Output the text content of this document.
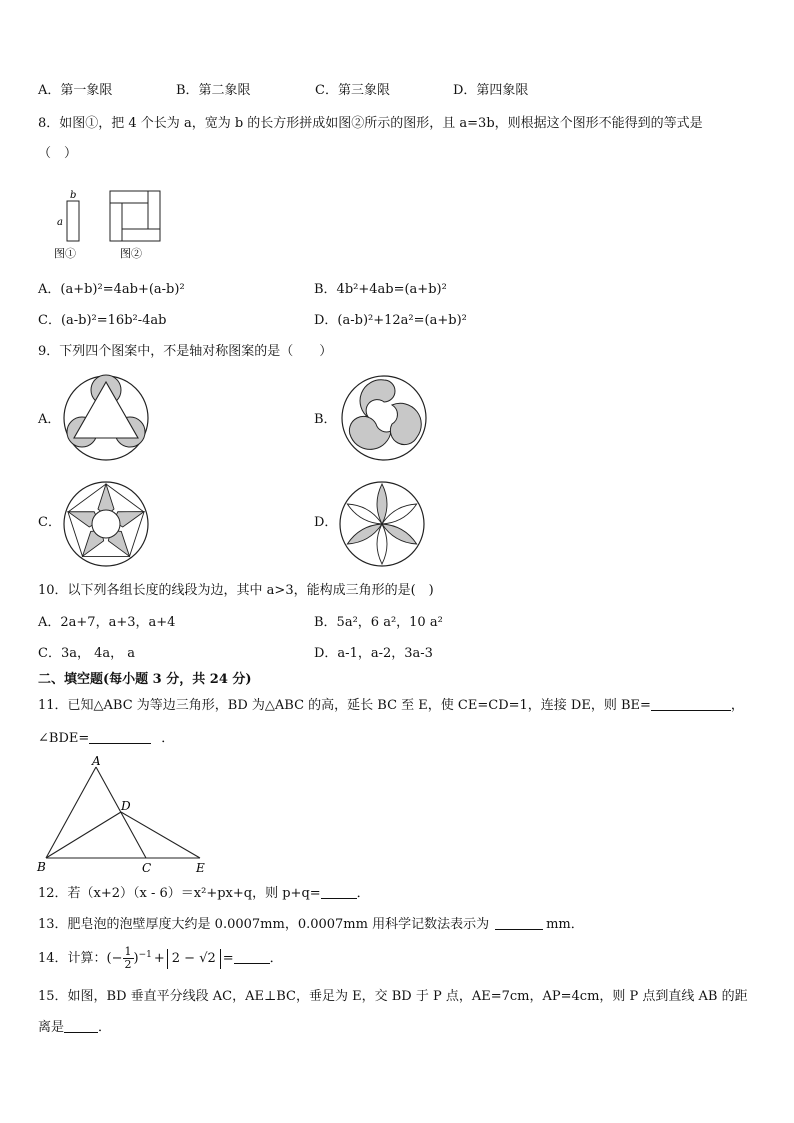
A．第一象限	B．第二象限	C．第三象限	D．第四象限
8．如图①，把 4 个长为 a，宽为 b 的长方形拼成如图②所示的图形，且 a=3b，则根据这个图形不能得到的等式是
（　）
b
a
图①	图②
A．(a+b)²=4ab+(a-b)²	B．4b²+4ab=(a+b)²
C．(a-b)²=16b²-4ab	D．(a-b)²+12a²=(a+b)²
9．下列四个图案中，不是轴对称图案的是（　　）
A．	B．
C．	D．
10．以下列各组长度的线段为边，其中 a>3，能构成三角形的是(　)
A．2a+7，a+3，a+4	B．5a²，6 a²，10 a²
C．3a， 4a， a	D．a-1，a-2，3a-3
二、填空题(每小题 3 分，共 24 分)
11．已知△ABC 为等边三角形，BD 为△ABC 的高，延长 BC 至 E，使 CE=CD=1，连接 DE，则 BE=	，
∠BDE=	．
A
B	C
D
E
12．若（x+2）（x - 6）＝x²+px+q，则 p+q=	．
13．肥皂泡的泡壁厚度大约是 0.0007mm，0.0007mm 用科学记数法表示为	mm．
14．计算：(− $\frac{1}{2} )^{-1} + 2 - √2$ =	．
15．如图，BD 垂直平分线段 AC，AE⊥BC，垂足为 E，交 BD 于 P 点，AE=7cm，AP=4cm，则 P 点到直线 AB 的距
离是	．
